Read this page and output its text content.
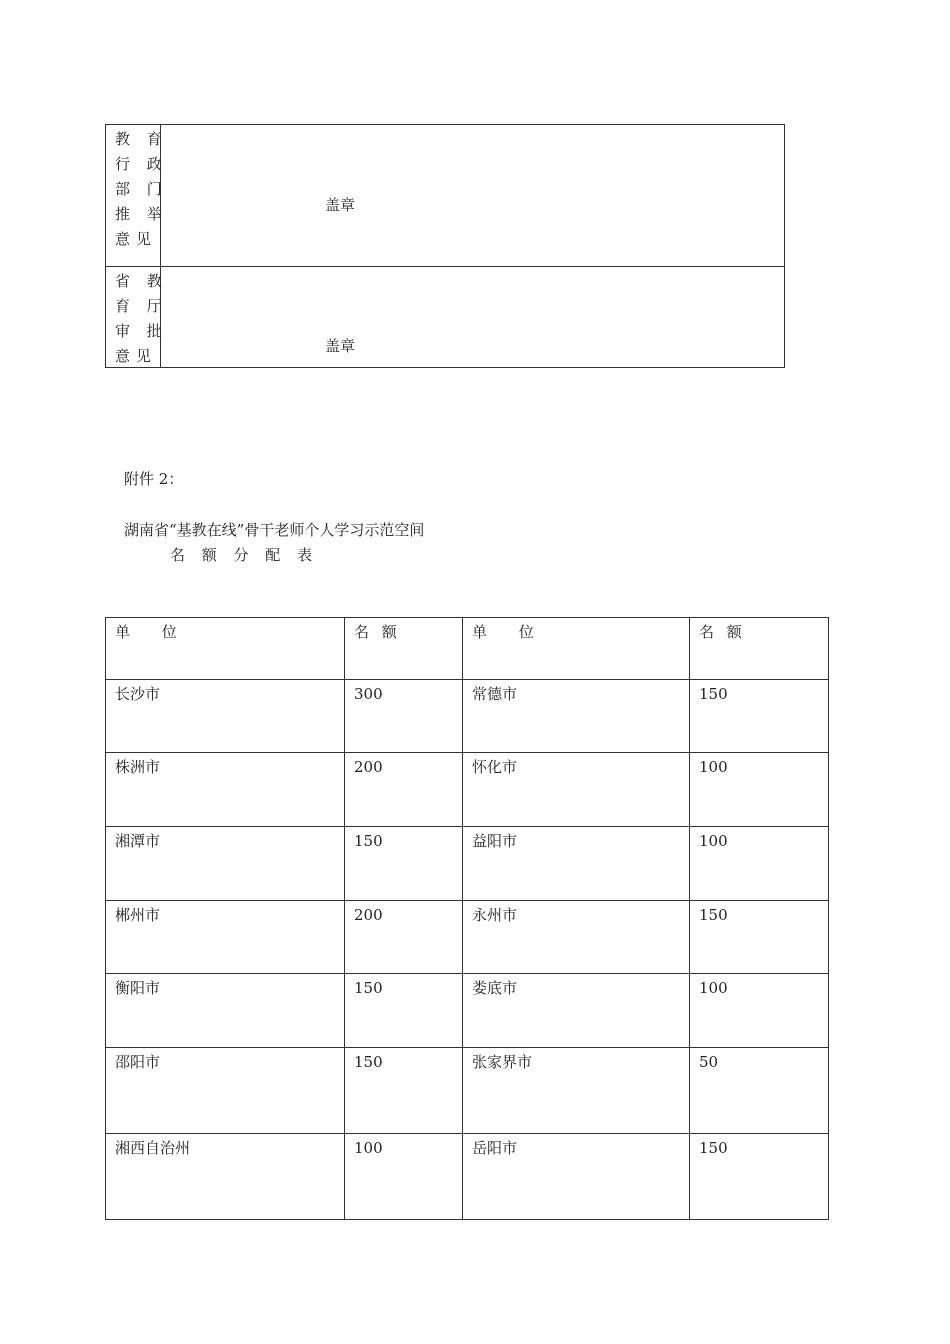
教 育
行 政
部 门
推 举
意见
盖章
省 教
育 厅
审 批
意见
盖章
附件 2：
湖南省“基教在线”骨干老师个人学习示范空间
名 额 分 配 表
单　 位	名 额	单　 位	名 额
长沙市	300	常德市	150
株洲市	200	怀化市	100
湘潭市	150	益阳市	100
郴州市	200	永州市	150
衡阳市	150	娄底市	100
邵阳市	150	张家界市	50
湘西自治州	100	岳阳市	150
